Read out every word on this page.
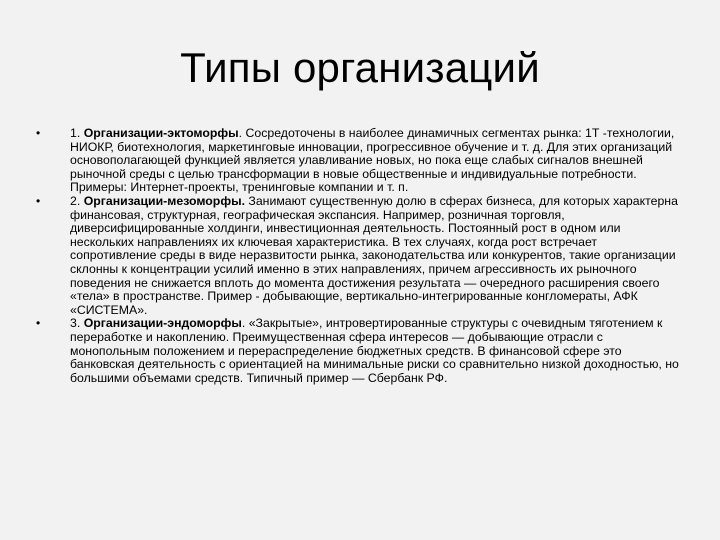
Типы организаций
•	1. Организации-эктоморфы. Сосредоточены в наиболее динамичных сегментах рынка: 1Т -технологии, НИОКР, биотехнология, маркетинговые инновации, прогрессивное обучение и т. д. Для этих организаций основополагающей функцией является улавливание новых, но пока еще слабых сигналов внешней рыночной среды с целью трансформации в новые общественные и индивидуальные потребности. Примеры: Интернет-проекты, тренинговые компании и т. п.
•	2. Организации-мезоморфы. Занимают существенную долю в сферах бизнеса, для которых характерна финансовая, структурная, географическая экспансия. Например, розничная торговля, диверсифицированные холдинги, инвестиционная деятельность. Постоянный рост в одном или нескольких направлениях их ключевая характеристика. В тех случаях, когда рост встречает сопротивление среды в виде неразвитости рынка, законодательства или конкурентов, такие организации склонны к концентрации усилий именно в этих направлениях, причем агрессивность их рыночного поведения не снижается вплоть до момента достижения результата — очередного расширения своего «тела» в пространстве. Пример - добывающие, вертикально-интегрированные конгломераты, АФК «СИСТЕМА».
•	3. Организации-эндоморфы. «Закрытые», интровертированные структуры с очевидным тяготением к переработке и накоплению. Преимущественная сфера интересов — добывающие отрасли с монопольным положением и перераспределение бюджетных средств. В финансовой сфере это банковская деятельность с ориентацией на минимальные риски со сравнительно низкой доходностью, но большими объемами средств. Типичный пример — Сбербанк РФ.
